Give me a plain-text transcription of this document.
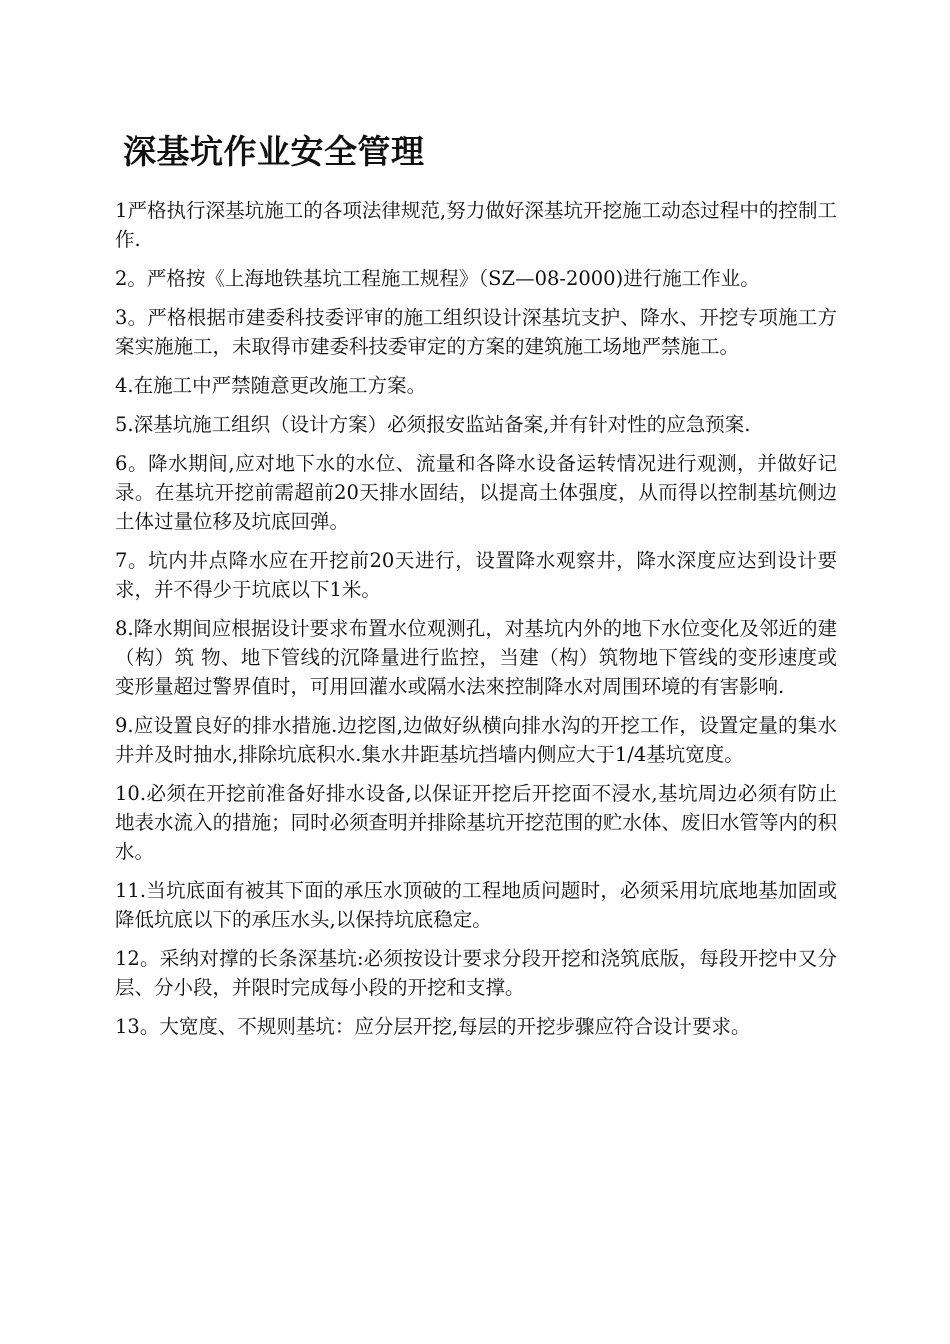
深基坑作业安全管理

1严格执行深基坑施工的各项法律规范,努力做好深基坑开挖施工动态过程中的控制工作.

2。严格按《上海地铁基坑工程施工规程》（SZ—08-2000)进行施工作业。

3。严格根据市建委科技委评审的施工组织设计深基坑支护、降水、开挖专项施工方案实施施工，未取得市建委科技委审定的方案的建筑施工场地严禁施工。

4.在施工中严禁随意更改施工方案。

5.深基坑施工组织（设计方案）必须报安监站备案,并有针对性的应急预案.

6。降水期间,应对地下水的水位、流量和各降水设备运转情况进行观测，并做好记录。在基坑开挖前需超前20天排水固结，以提高土体强度，从而得以控制基坑侧边土体过量位移及坑底回弹。

7。坑内井点降水应在开挖前20天进行，设置降水观察井，降水深度应达到设计要求，并不得少于坑底以下1米。

8.降水期间应根据设计要求布置水位观测孔，对基坑内外的地下水位变化及邻近的建（构）筑 物、地下管线的沉降量进行监控，当建（构）筑物地下管线的变形速度或变形量超过警界值时，可用回灌水或隔水法來控制降水对周围环境的有害影响.

9.应设置良好的排水措施.边挖图,边做好纵横向排水沟的开挖工作，设置定量的集水井并及时抽水,排除坑底积水.集水井距基坑挡墙内侧应大于1/4基坑宽度。

10.必须在开挖前准备好排水设备,以保证开挖后开挖面不浸水,基坑周边必须有防止地表水流入的措施；同时必须查明并排除基坑开挖范围的贮水体、废旧水管等内的积水。

11.当坑底面有被其下面的承压水顶破的工程地质问题时，必须采用坑底地基加固或降低坑底以下的承压水头,以保持坑底稳定。

12。采纳对撑的长条深基坑:必须按设计要求分段开挖和浇筑底版，每段开挖中又分层、分小段，并限时完成每小段的开挖和支撑。

13。大宽度、不规则基坑：应分层开挖,每层的开挖步骤应符合设计要求。
